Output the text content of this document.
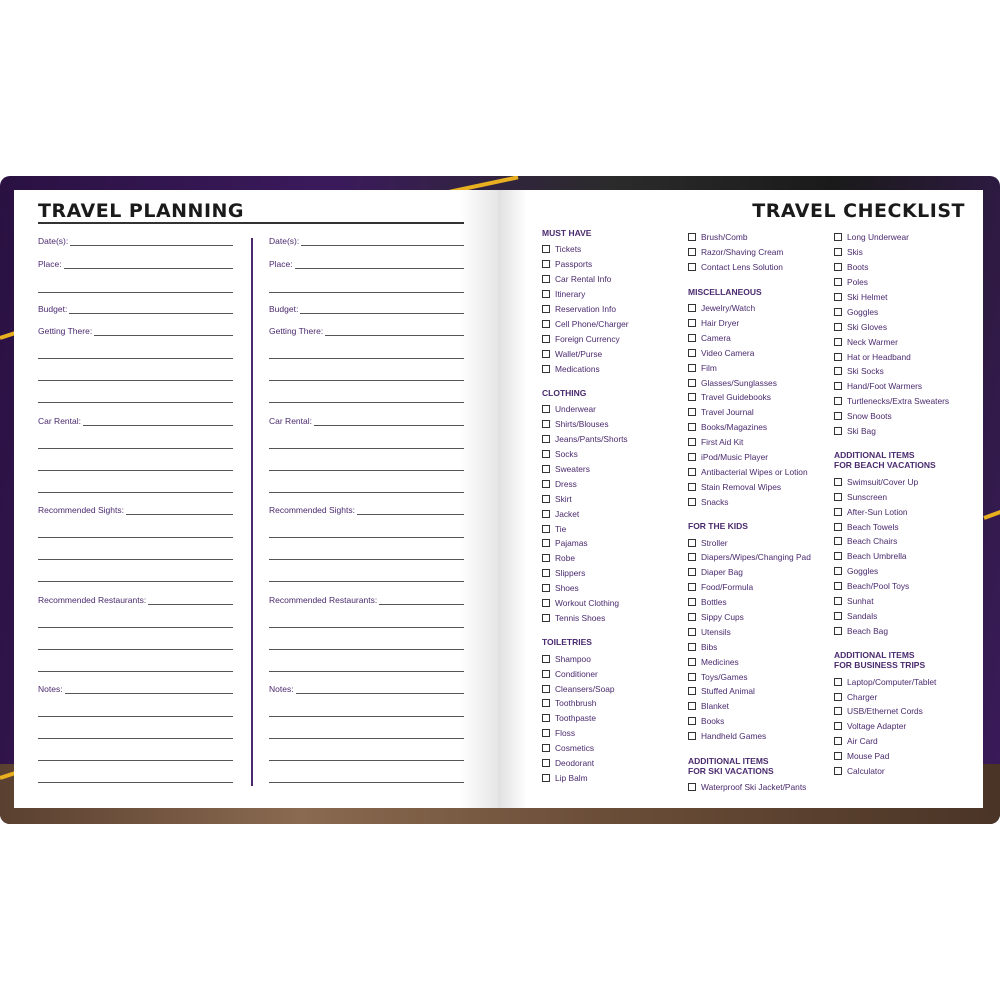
TRAVEL PLANNING
Date(s):
Place:
Budget:
Getting There:
Car Rental:
Recommended Sights:
Recommended Restaurants:
Notes:
Date(s):
Place:
Budget:
Getting There:
Car Rental:
Recommended Sights:
Recommended Restaurants:
Notes:
TRAVEL CHECKLIST
MUST HAVE
Tickets
Passports
Car Rental Info
Itinerary
Reservation Info
Cell Phone/Charger
Foreign Currency
Wallet/Purse
Medications
CLOTHING
Underwear
Shirts/Blouses
Jeans/Pants/Shorts
Socks
Sweaters
Dress
Skirt
Jacket
Tie
Pajamas
Robe
Slippers
Shoes
Workout Clothing
Tennis Shoes
TOILETRIES
Shampoo
Conditioner
Cleansers/Soap
Toothbrush
Toothpaste
Floss
Cosmetics
Deodorant
Lip Balm
Brush/Comb
Razor/Shaving Cream
Contact Lens Solution
MISCELLANEOUS
Jewelry/Watch
Hair Dryer
Camera
Video Camera
Film
Glasses/Sunglasses
Travel Guidebooks
Travel Journal
Books/Magazines
First Aid Kit
iPod/Music Player
Antibacterial Wipes or Lotion
Stain Removal Wipes
Snacks
FOR THE KIDS
Stroller
Diapers/Wipes/Changing Pad
Diaper Bag
Food/Formula
Bottles
Sippy Cups
Utensils
Bibs
Medicines
Toys/Games
Stuffed Animal
Blanket
Books
Handheld Games
ADDITIONAL ITEMS
FOR SKI VACATIONS
Waterproof Ski Jacket/Pants
Long Underwear
Skis
Boots
Poles
Ski Helmet
Goggles
Ski Gloves
Neck Warmer
Hat or Headband
Ski Socks
Hand/Foot Warmers
Turtlenecks/Extra Sweaters
Snow Boots
Ski Bag
ADDITIONAL ITEMS
FOR BEACH VACATIONS
Swimsuit/Cover Up
Sunscreen
After-Sun Lotion
Beach Towels
Beach Chairs
Beach Umbrella
Goggles
Beach/Pool Toys
Sunhat
Sandals
Beach Bag
ADDITIONAL ITEMS
FOR BUSINESS TRIPS
Laptop/Computer/Tablet
Charger
USB/Ethernet Cords
Voltage Adapter
Air Card
Mouse Pad
Calculator
